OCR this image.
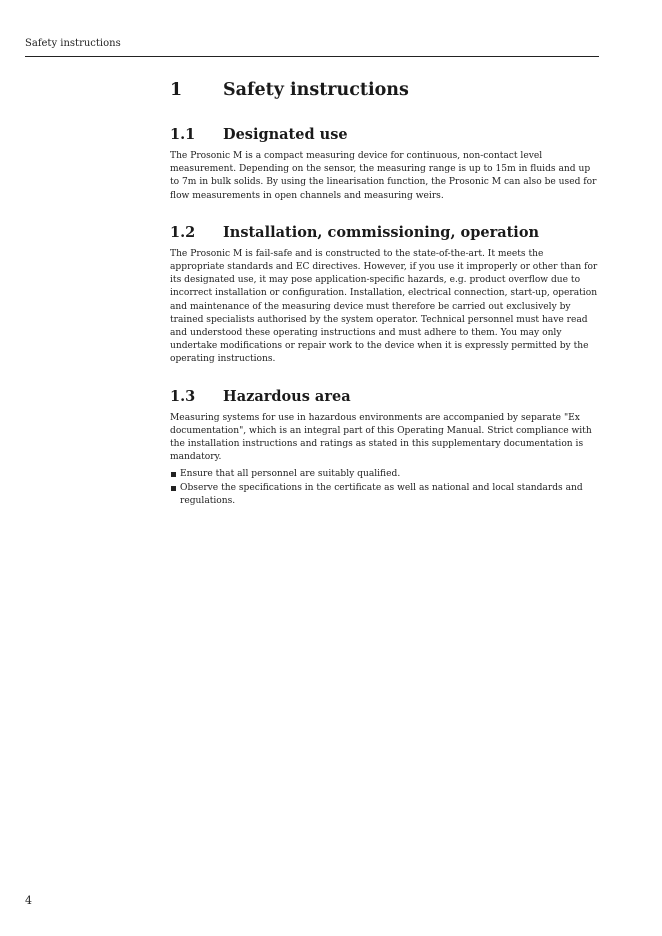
Safety instructions
1	Safety instructions
1.1	Designated use

The Prosonic M is a compact measuring device for continuous, non-contact level measurement. Depending on the sensor, the measuring range is up to 15m in fluids and up to 7m in bulk solids. By using the linearisation function, the Prosonic M can also be used for flow measurements in open channels and measuring weirs.

1.2	Installation, commissioning, operation

The Prosonic M is fail-safe and is constructed to the state-of-the-art. It meets the appropriate standards and EC directives. However, if you use it improperly or other than for its designated use, it may pose application-specific hazards, e.g. product overflow due to incorrect installation or configuration. Installation, electrical connection, start-up, operation and maintenance of the measuring device must therefore be carried out exclusively by trained specialists authorised by the system operator. Technical personnel must have read and understood these operating instructions and must adhere to them. You may only undertake modifications or repair work to the device when it is expressly permitted by the operating instructions.

1.3	Hazardous area

Measuring systems for use in hazardous environments are accompanied by separate "Ex documentation", which is an integral part of this Operating Manual. Strict compliance with the installation instructions and ratings as stated in this supplementary documentation is mandatory.

Ensure that all personnel are suitably qualified.
Observe the specifications in the certificate as well as national and local standards and regulations.
4
